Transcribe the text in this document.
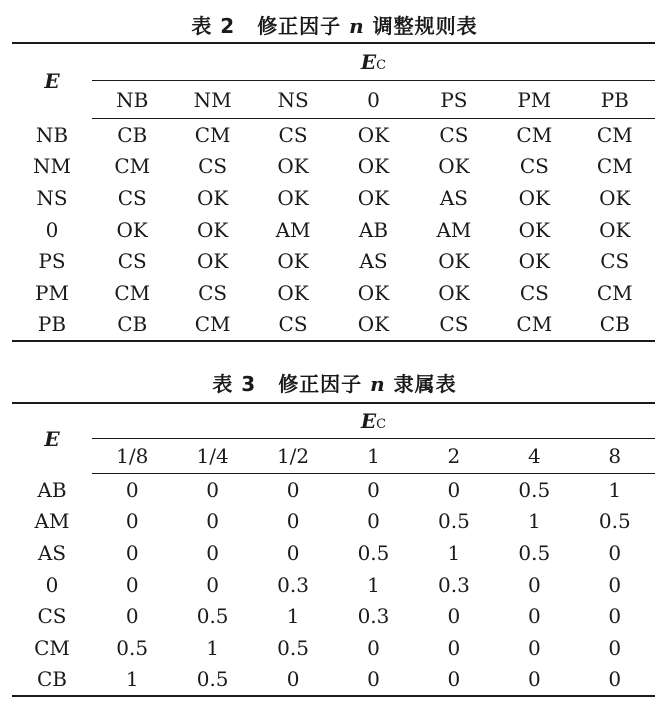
表 2 修正因子 n 调整规则表
E	EC						
	NB	NM	NS	0	PS	PM	PB
NB	CB	CM	CS	OK	CS	CM	CM
NM	CM	CS	OK	OK	OK	CS	CM
NS	CS	OK	OK	OK	AS	OK	OK
0	OK	OK	AM	AB	AM	OK	OK
PS	CS	OK	OK	AS	OK	OK	CS
PM	CM	CS	OK	OK	OK	CS	CM
PB	CB	CM	CS	OK	CS	CM	CB
表 3 修正因子 n 隶属表
E	EC						
	1/8	1/4	1/2	1	2	4	8
AB	0	0	0	0	0	0.5	1
AM	0	0	0	0	0.5	1	0.5
AS	0	0	0	0.5	1	0.5	0
0	0	0	0.3	1	0.3	0	0
CS	0	0.5	1	0.3	0	0	0
CM	0.5	1	0.5	0	0	0	0
CB	1	0.5	0	0	0	0	0
